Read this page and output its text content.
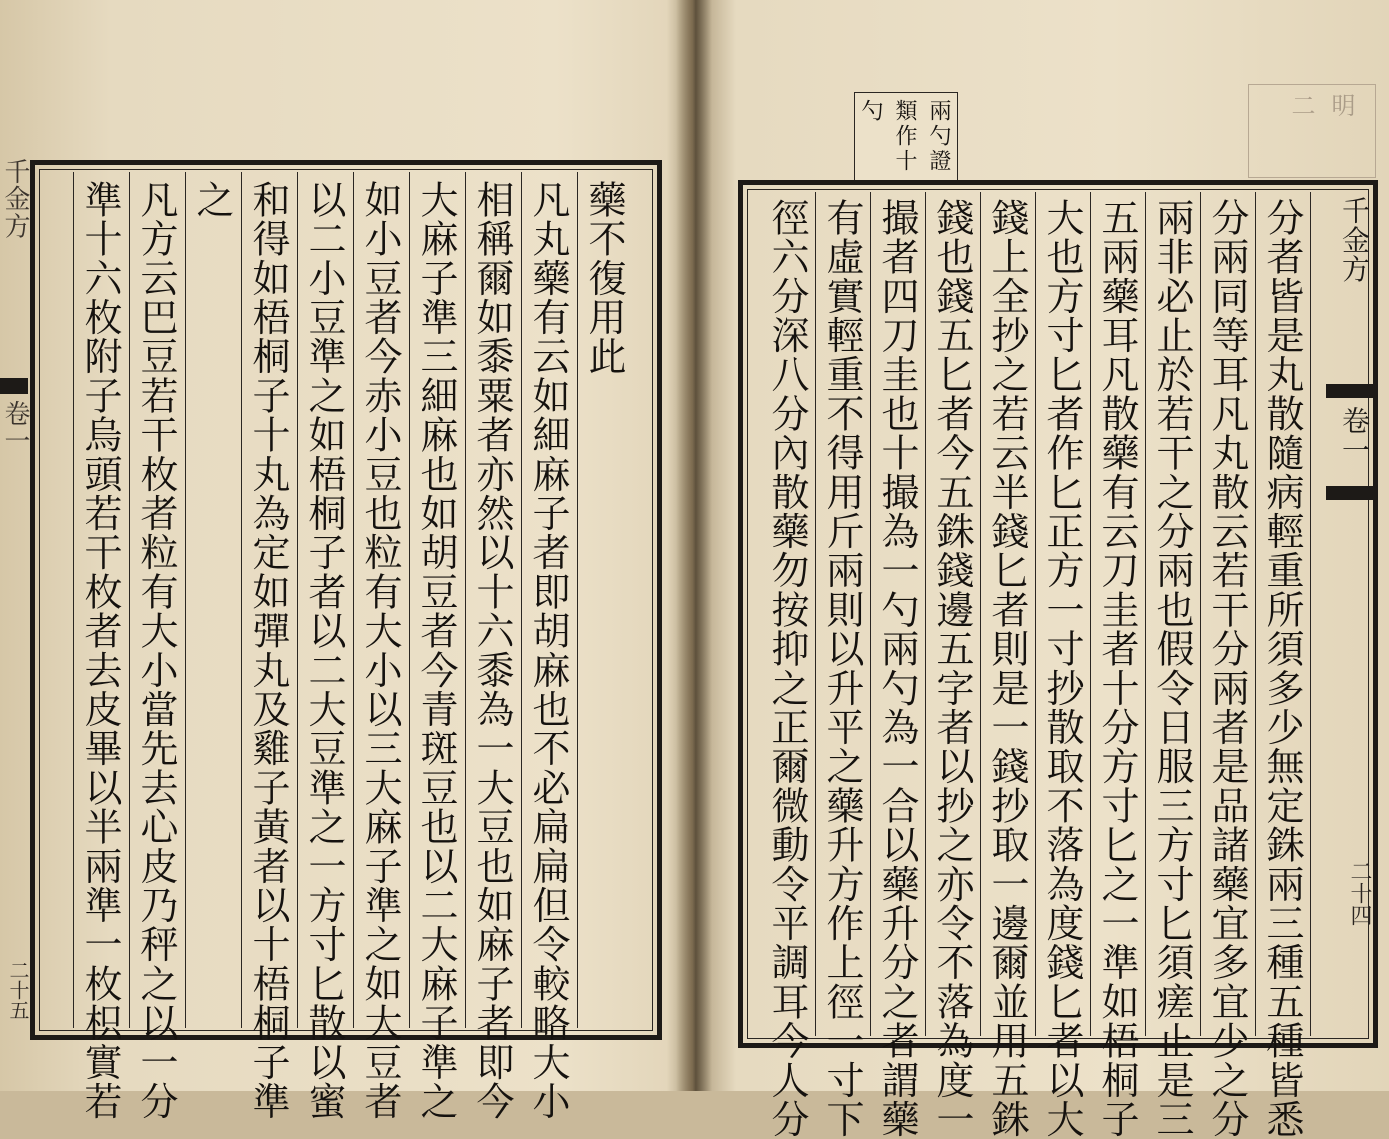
千金方
卷一
二十五
藥不復用此
凡丸藥有云如細麻子者即胡麻也不必扁扁但令較略大小
相稱爾如黍粟者亦然以十六黍為一大豆也如麻子者即今
大麻子準三細麻也如胡豆者今青斑豆也以二大麻子準之
如小豆者今赤小豆也粒有大小以三大麻子準之如大豆者
以二小豆準之如梧桐子者以二大豆準之一方寸匕散以蜜
和得如梧桐子十丸為定如彈丸及雞子黃者以十梧桐子準
之
凡方云巴豆若干枚者粒有大小當先去心皮乃秤之以一分
準十六枚附子烏頭若干枚者去皮畢以半兩準一枚枳實若
明
二
兩勺證
類作十
勺
千金方
卷一
二十四
分者皆是丸散隨病輕重所須多少無定銖兩三種五種皆悉
分兩同等耳凡丸散云若干分兩者是品諸藥宜多宜少之分
兩非必止於若干之分兩也假令日服三方寸匕須瘥止是三
五兩藥耳凡散藥有云刀圭者十分方寸匕之一準如梧桐子
大也方寸匕者作匕正方一寸抄散取不落為度錢匕者以大
錢上全抄之若云半錢匕者則是一錢抄取一邊爾並用五銖
錢也錢五匕者今五銖錢邊五字者以抄之亦令不落為度一
撮者四刀圭也十撮為一勺兩勺為一合以藥升分之者謂藥
有虛實輕重不得用斤兩則以升平之藥升方作上徑一寸下
徑六分深八分內散藥勿按抑之正爾微動令平調耳今人分
